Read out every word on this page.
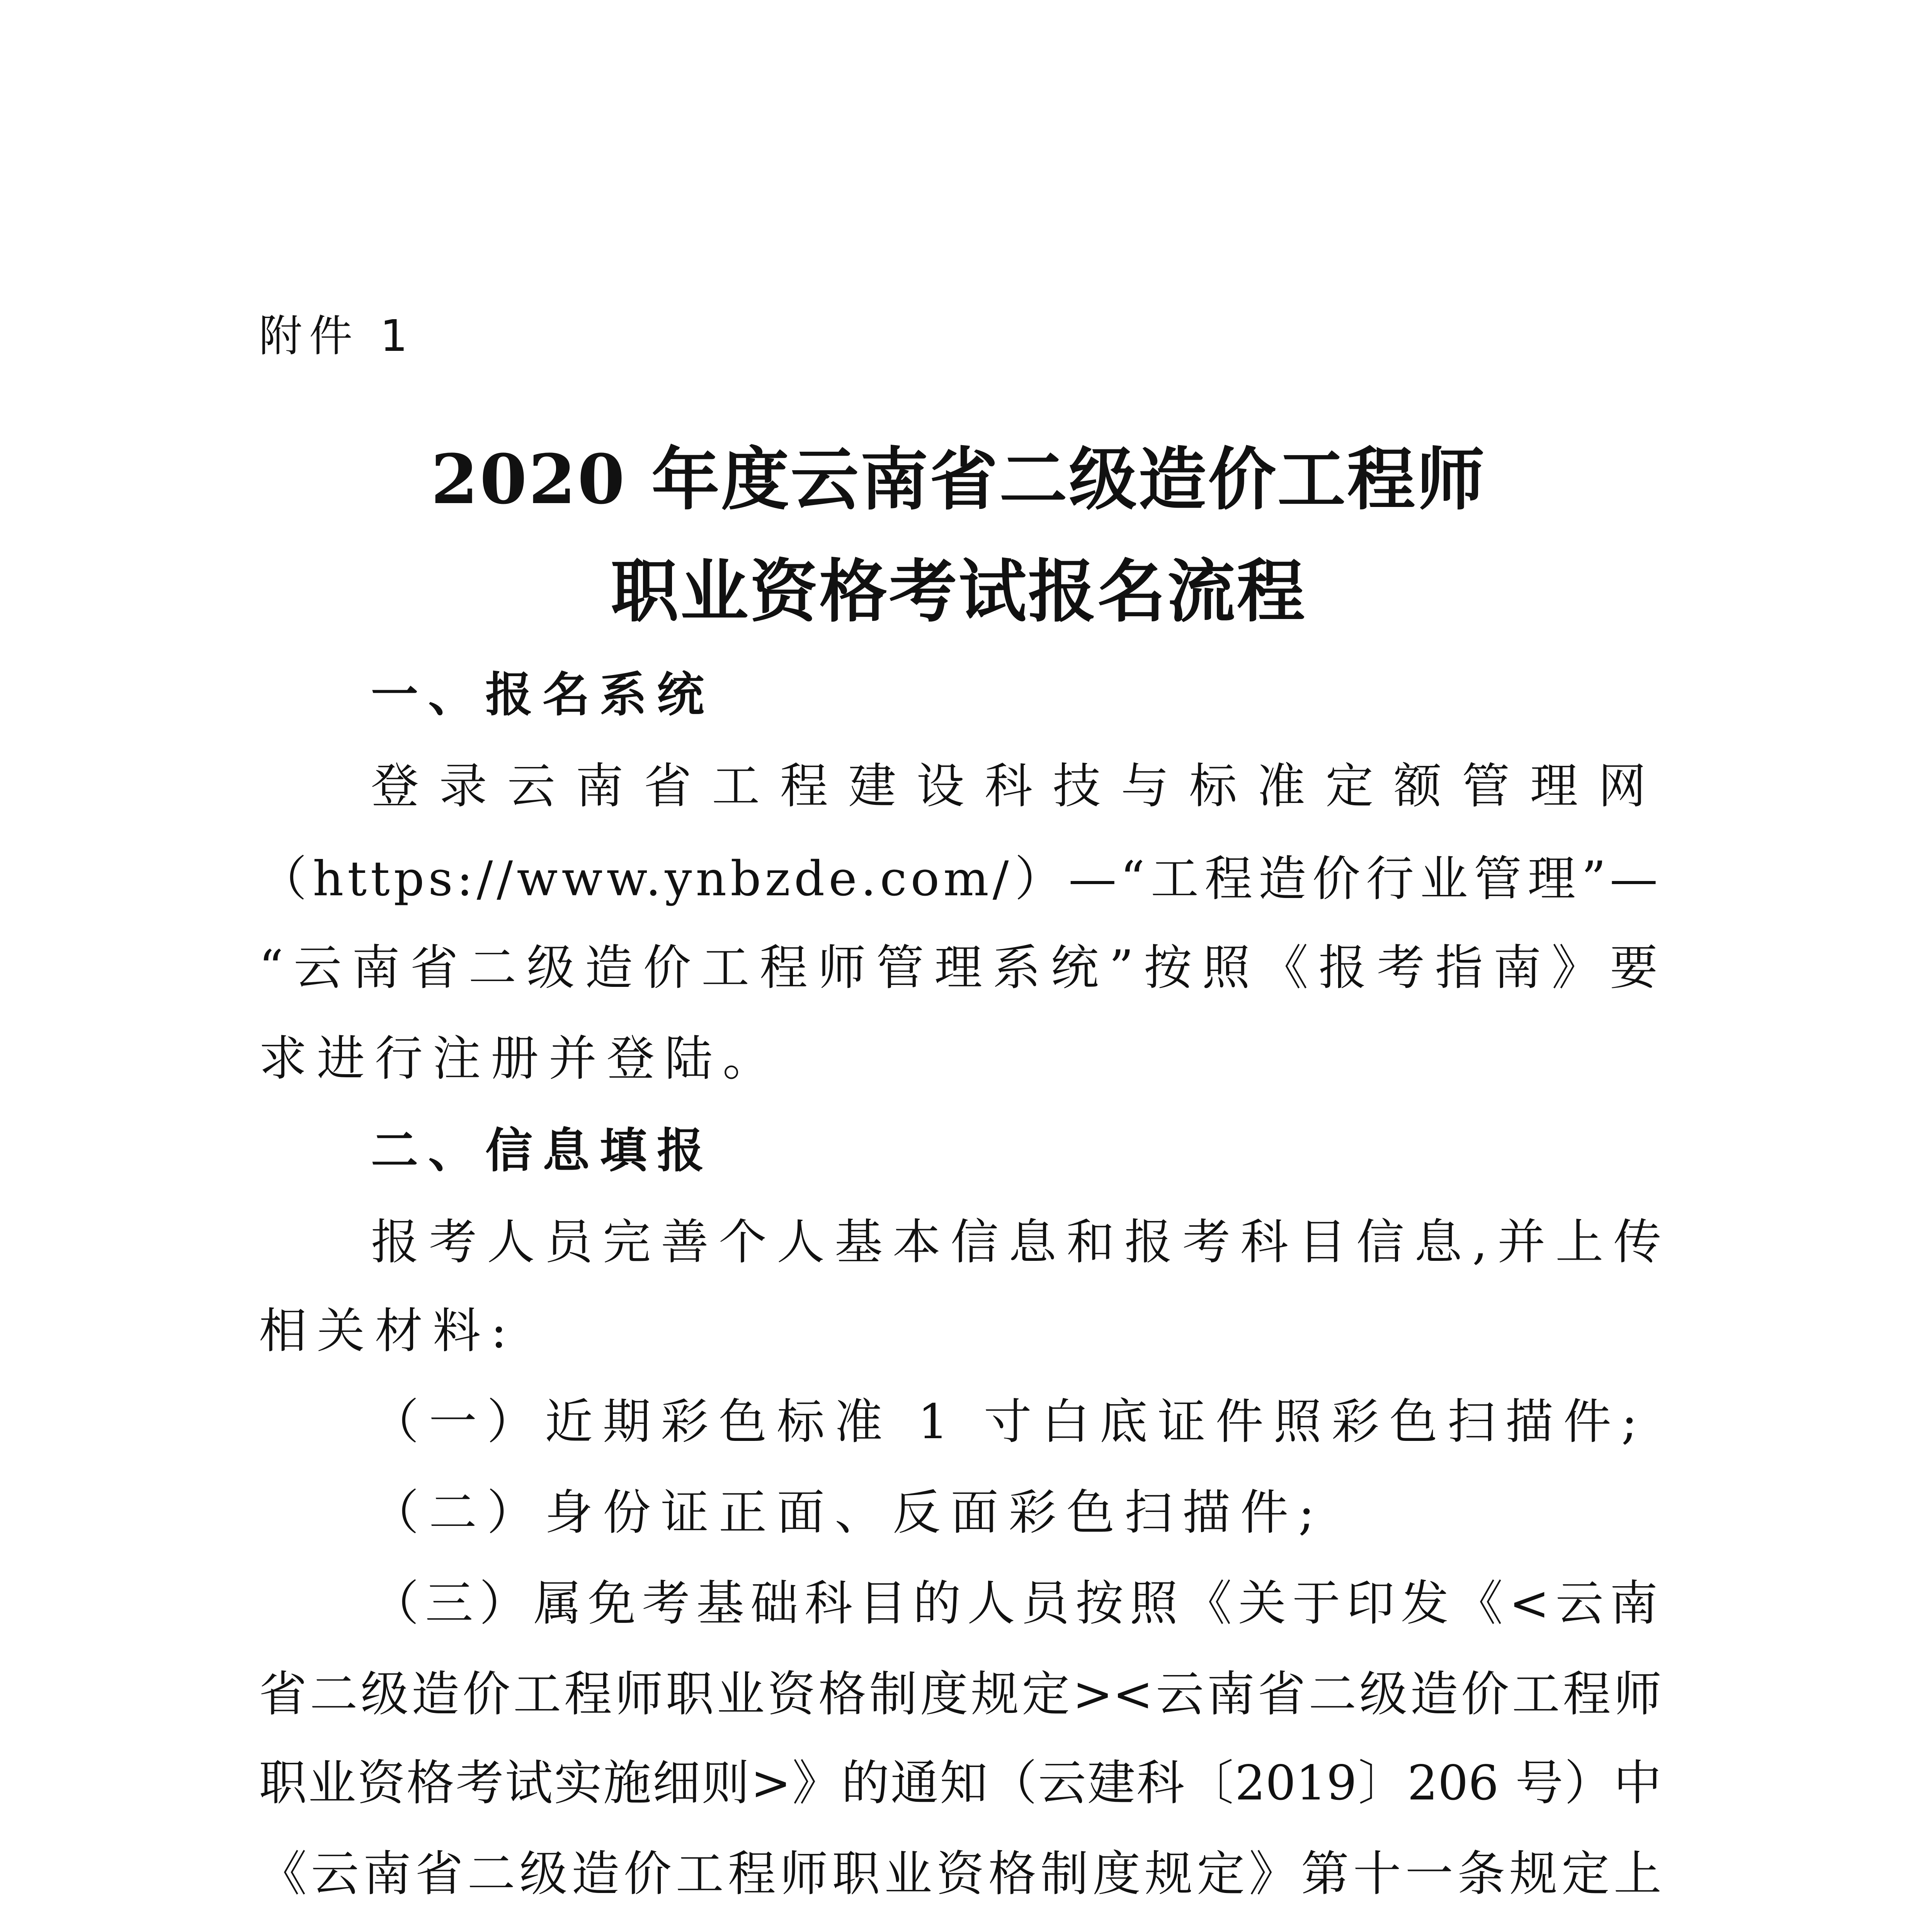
附件 1
2020 年度云南省二级造价工程师
职业资格考试报名流程
一、报名系统
登录云南省工程建设科技与标准定额管理网
（https://www.ynbzde.com/）—“工程造价行业管理”—
“云南省二级造价工程师管理系统”按照《报考指南》要
求进行注册并登陆。
二、信息填报
报考人员完善个人基本信息和报考科目信息,并上传
相关材料:
（一）近期彩色标准 1 寸白底证件照彩色扫描件;
（二）身份证正面、反面彩色扫描件;
（三）属免考基础科目的人员按照《关于印发《<云南
省二级造价工程师职业资格制度规定><云南省二级造价工程师
职业资格考试实施细则>》的通知（云建科〔2019〕206 号）中
《云南省二级造价工程师职业资格制度规定》第十一条规定上
